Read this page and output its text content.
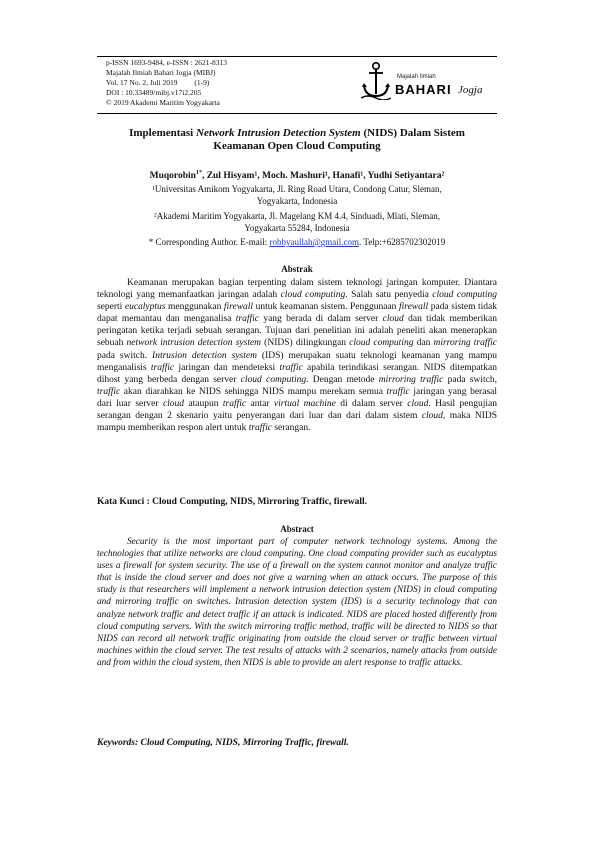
p-ISSN 1693-9484, e-ISSN : 2621-8313
Majalah Ilmiah Bahari Jogja (MIBJ)
Vol. 17 No. 2, Juli 2019 (1-9)
DOI : 10.33489/mibj.v17i2.205
© 2019 Akademi Maritim Yogyakarta
Majalah Ilmiah
BAHARI Jogja
Implementasi Network Intrusion Detection System (NIDS) Dalam Sistem
Keamanan Open Cloud Computing
Muqorobin$^{1*}$, Zul Hisyam¹, Moch. Mashuri¹, Hanafi¹, Yudhi Setiyantara²
¹Universitas Amikom Yogyakarta, Jl. Ring Road Utara, Condong Catur, Sleman,
Yogyakarta, Indonesia
²Akademi Maritim Yogyakarta, Jl. Magelang KM 4.4, Sinduadi, Mlati, Sleman,
Yogyakarta 55284, Indonesia
* Corresponding Author. E-mail: robbyaullah@gmail.com. Telp:+6285702302019
Abstrak
Keamanan merupakan bagian terpenting dalam sistem teknologi jaringan komputer. Diantara teknologi yang memanfaatkan jaringan adalah cloud computing. Salah satu penyedia cloud computing seperti eucalyptus menggunakan firewall untuk keamanan sistem. Penggunaan firewall pada sistem tidak dapat memantau dan menganalisa traffic yang berada di dalam server cloud dan tidak memberikan peringatan ketika terjadi sebuah serangan. Tujuan dari penelitian ini adalah peneliti akan menerapkan sebuah network intrusion detection system (NIDS) dilingkungan cloud computing dan mirroring traffic pada switch. Intrusion detection system (IDS) merupakan suatu teknologi keamanan yang mampu menganalisis traffic jaringan dan mendeteksi traffic apabila terindikasi serangan. NIDS ditempatkan dihost yang berbeda dengan server cloud computing. Dengan metode mirroring traffic pada switch, traffic akan diarahkan ke NIDS sehingga NIDS mampu merekam semua traffic jaringan yang berasal dari luar server cloud ataupun traffic antar virtual machine di dalam server cloud. Hasil pengujian serangan dengan 2 skenario yaitu penyerangan dari luar dan dari dalam sistem cloud, maka NIDS mampu memberikan respon alert untuk traffic serangan.
Kata Kunci : Cloud Computing, NIDS, Mirroring Traffic, firewall.
Abstract
Security is the most important part of computer network technology systems. Among the technologies that utilize networks are cloud computing. One cloud computing provider such as eucalyptus uses a firewall for system security. The use of a firewall on the system cannot monitor and analyze traffic that is inside the cloud server and does not give a warning when an attack occurs. The purpose of this study is that researchers will implement a network intrusion detection system (NIDS) in cloud computing and mirroring traffic on switches. Intrusion detection system (IDS) is a security technology that can analyze network traffic and detect traffic if an attack is indicated. NIDS are placed hosted differently from cloud computing servers. With the switch mirroring traffic method, traffic will be directed to NIDS so that NIDS can record all network traffic originating from outside the cloud server or traffic between virtual machines within the cloud server. The test results of attacks with 2 scenarios, namely attacks from outside and from within the cloud system, then NIDS is able to provide an alert response to traffic attacks.
Keywords: Cloud Computing, NIDS, Mirroring Traffic, firewall.
